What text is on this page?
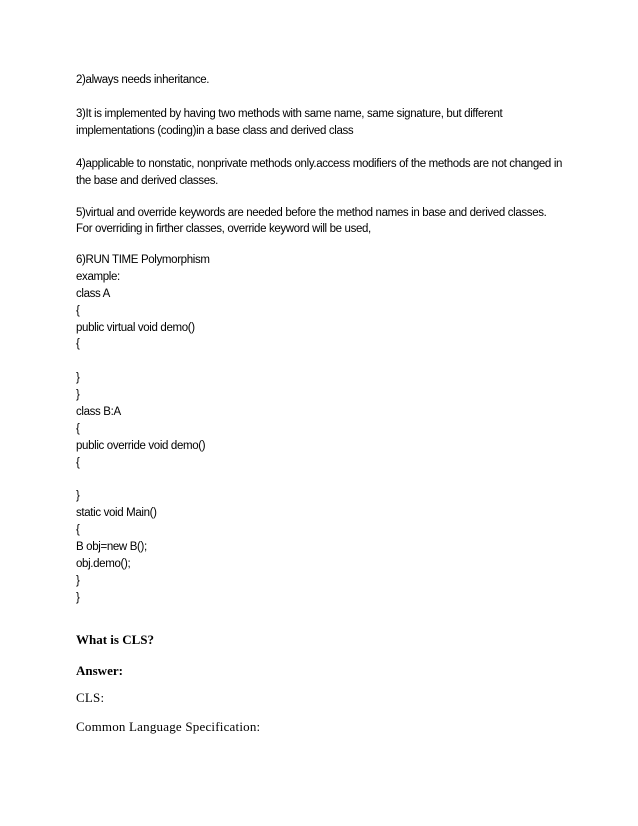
2)always needs inheritance.

3)It is implemented by having two methods with same name, same signature, but different

implementations (coding)in a base class and derived class

4)applicable to nonstatic, nonprivate methods only.access modifiers of the methods are not changed in

the base and derived classes.

5)virtual and override keywords are needed before the method names in base and derived classes.

For overriding in firther classes, override keyword will be used,

6)RUN TIME Polymorphism
example:
class A
{
public virtual void demo()
{
}
}
class B:A
{
public override void demo()
{
}
static void Main()
{
B obj=new B();
obj.demo();
}
}

What is CLS?

Answer:

CLS:

Common Language Specification:
